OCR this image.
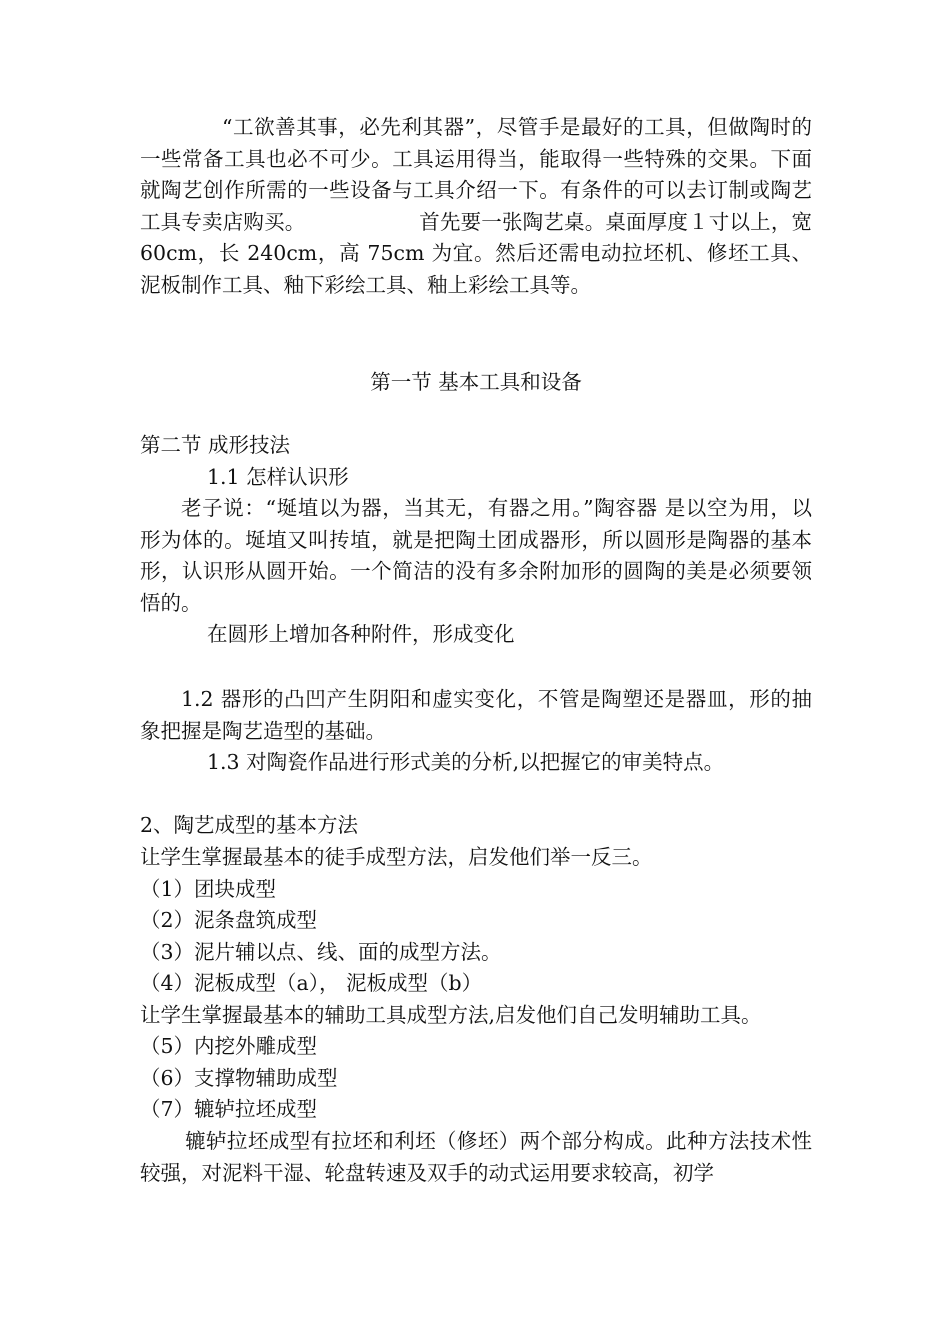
“工欲善其事，必先利其器”，尽管手是最好的工具，但做陶时的一些常备工具也必不可少。工具运用得当，能取得一些特殊的交果。下面就陶艺创作所需的一些设备与工具介绍一下。有条件的可以去订制或陶艺工具专卖店购买。　　　　　　首先要一张陶艺桌。桌面厚度１寸以上，宽 60cm，长 240cm，高 75cm 为宜。然后还需电动拉坯机、修坯工具、泥板制作工具、釉下彩绘工具、釉上彩绘工具等。

第一节 基本工具和设备
第二节 成形技法
1.1 怎样认识形

老子说：“埏埴以为器，当其无，有器之用。”陶容器 是以空为用，以形为体的。埏埴又叫抟埴，就是把陶土团成器形，所以圆形是陶器的基本形，认识形从圆开始。一个简洁的没有多余附加形的圆陶的美是必须要领悟的。

在圆形上增加各种附件，形成变化

1.2 器形的凸凹产生阴阳和虚实变化，不管是陶塑还是器皿，形的抽象把握是陶艺造型的基础。

1.3 对陶瓷作品进行形式美的分析,以把握它的审美特点。
2、陶艺成型的基本方法
让学生掌握最基本的徒手成型方法，启发他们举一反三。
（1）团块成型
（2）泥条盘筑成型
（3）泥片辅以点、线、面的成型方法。
（4）泥板成型（a）， 泥板成型（b）
让学生掌握最基本的辅助工具成型方法,启发他们自己发明辅助工具。
（5）内挖外雕成型
（6）支撑物辅助成型
（7）辘轳拉坯成型

辘轳拉坯成型有拉坯和利坯（修坯）两个部分构成。此种方法技术性较强，对泥料干湿、轮盘转速及双手的动式运用要求较高，初学
